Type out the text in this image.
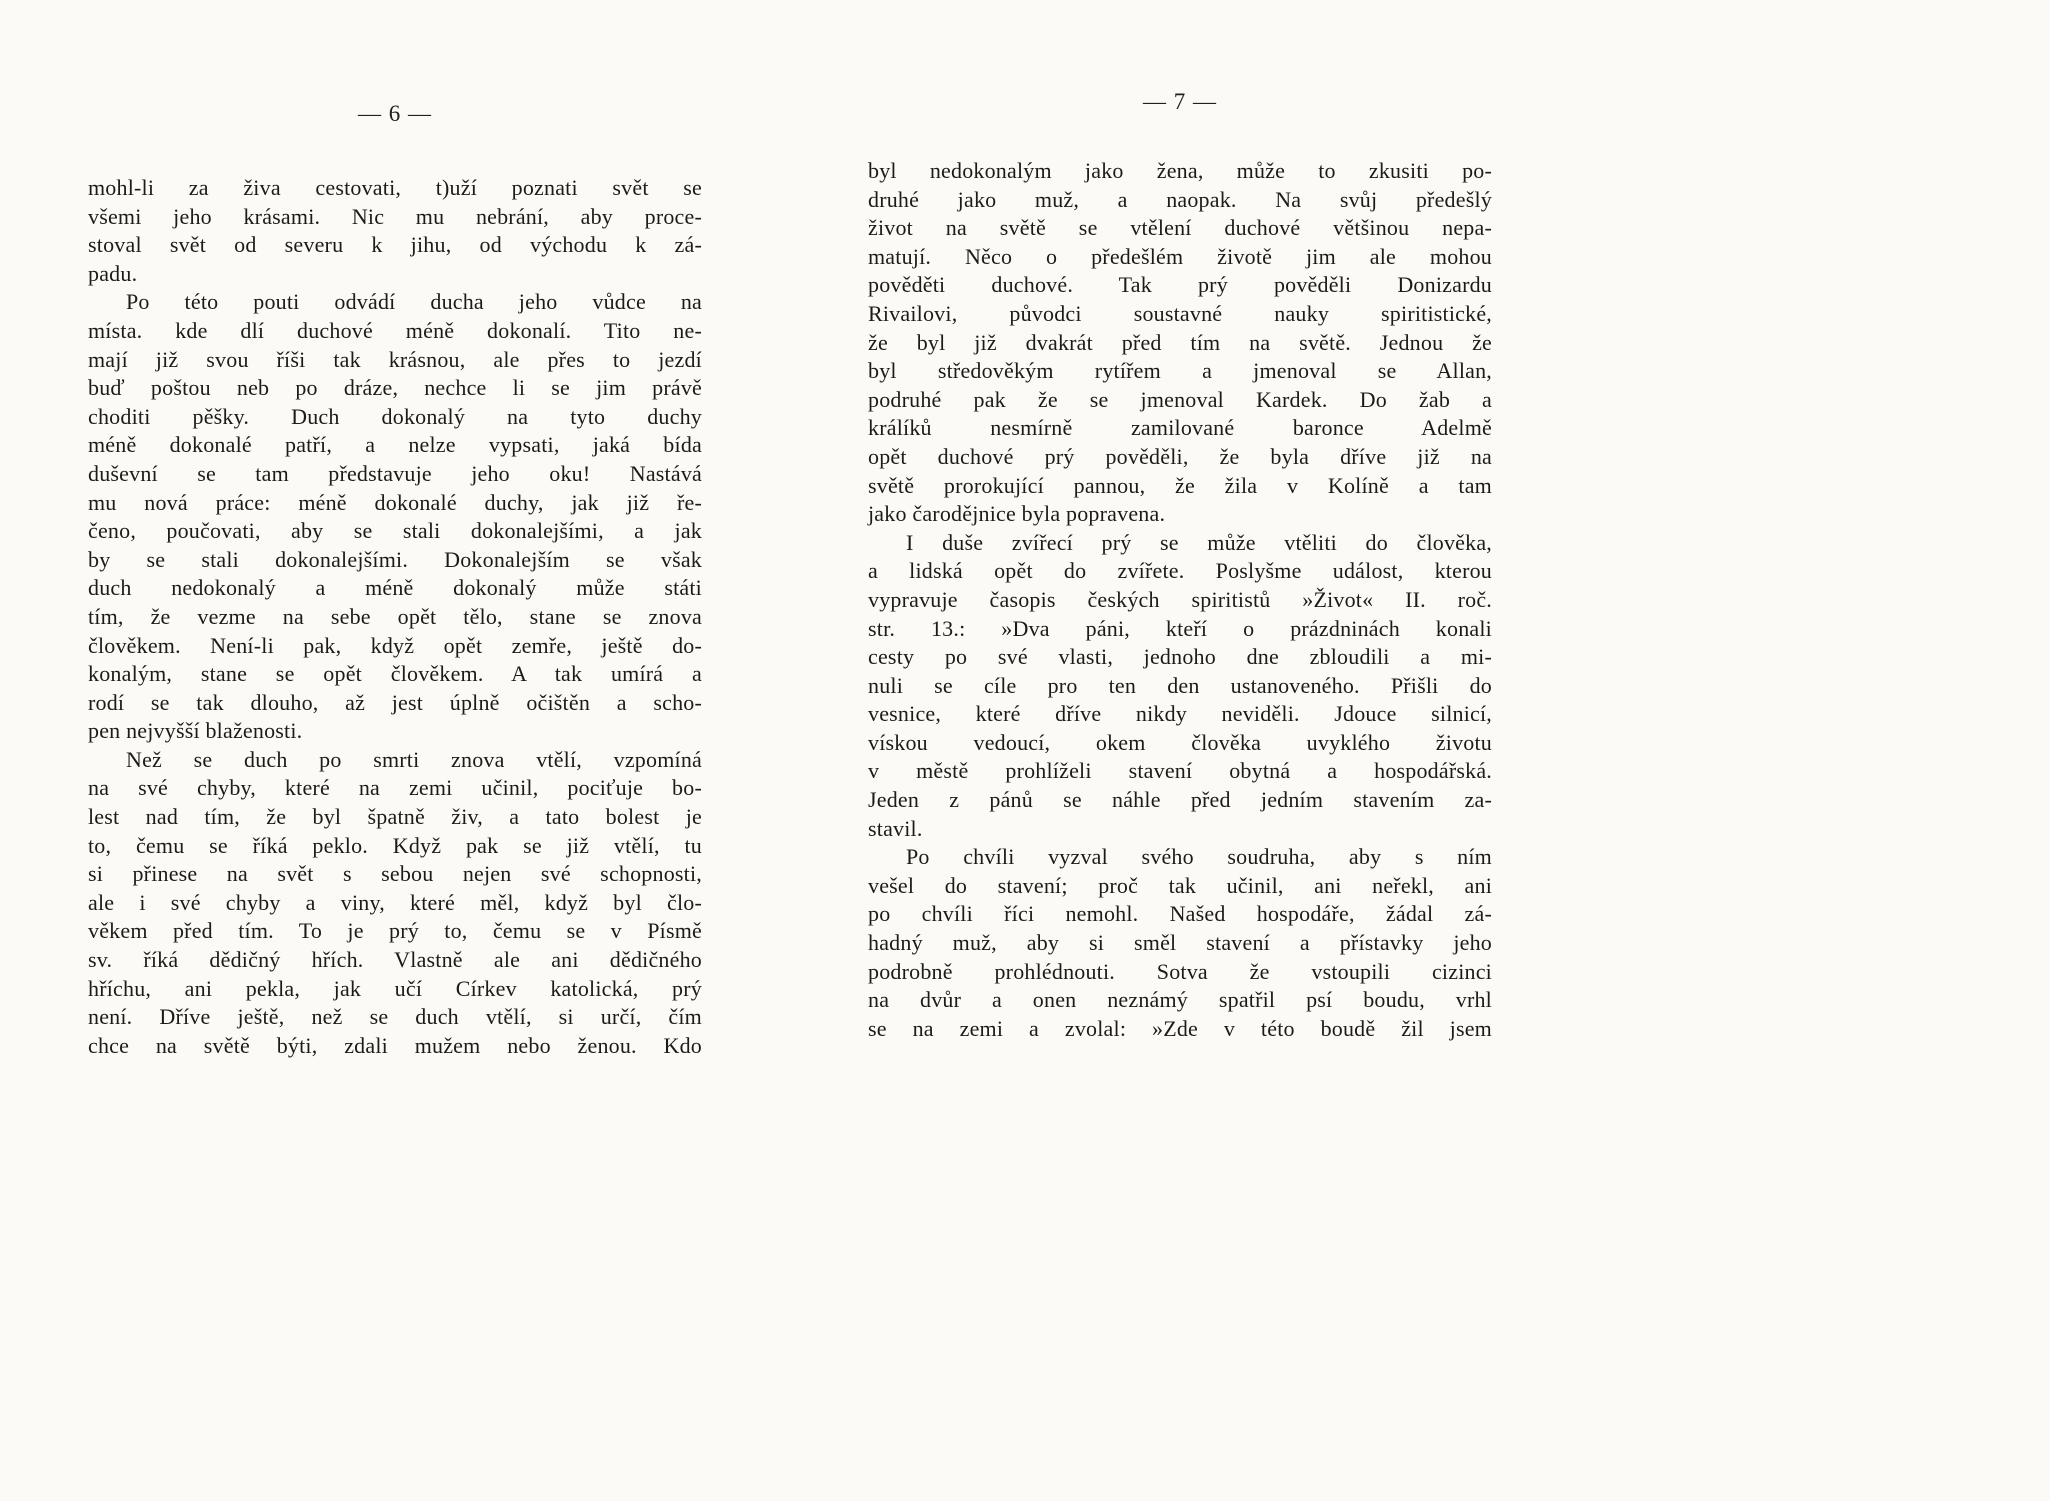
— 6 —
mohl-li za živa cestovati, t)uží poznati svět se
všemi jeho krásami. Nic mu nebrání, aby proce-
stoval svět od severu k jihu, od východu k zá-
padu.
Po této pouti odvádí ducha jeho vůdce na
místa. kde dlí duchové méně dokonalí. Tito ne-
mají již svou říši tak krásnou, ale přes to jezdí
buď poštou neb po dráze, nechce li se jim právě
choditi pěšky. Duch dokonalý na tyto duchy
méně dokonalé patří, a nelze vypsati, jaká bída
duševní se tam představuje jeho oku! Nastává
mu nová práce: méně dokonalé duchy, jak již ře-
čeno, poučovati, aby se stali dokonalejšími, a jak
by se stali dokonalejšími. Dokonalejším se však
duch nedokonalý a méně dokonalý může státi
tím, že vezme na sebe opět tělo, stane se znova
člověkem. Není-li pak, když opět zemře, ještě do-
konalým, stane se opět člověkem. A tak umírá a
rodí se tak dlouho, až jest úplně očištěn a scho-
pen nejvyšší blaženosti.
Než se duch po smrti znova vtělí, vzpomíná
na své chyby, které na zemi učinil, pociťuje bo-
lest nad tím, že byl špatně živ, a tato bolest je
to, čemu se říká peklo. Když pak se již vtělí, tu
si přinese na svět s sebou nejen své schopnosti,
ale i své chyby a viny, které měl, když byl člo-
věkem před tím. To je prý to, čemu se v Písmě
sv. říká dědičný hřích. Vlastně ale ani dědičného
hříchu, ani pekla, jak učí Církev katolická, prý
není. Dříve ještě, než se duch vtělí, si určí, čím
chce na světě býti, zdali mužem nebo ženou. Kdo
— 7 —
byl nedokonalým jako žena, může to zkusiti po-
druhé jako muž, a naopak. Na svůj předešlý
život na světě se vtělení duchové většinou nepa-
matují. Něco o předešlém životě jim ale mohou
pověděti duchové. Tak prý pověděli Donizardu
Rivailovi, původci soustavné nauky spiritistické,
že byl již dvakrát před tím na světě. Jednou že
byl středověkým rytířem a jmenoval se Allan,
podruhé pak že se jmenoval Kardek. Do žab a
králíků nesmírně zamilované baronce Adelmě
opět duchové prý pověděli, že byla dříve již na
světě prorokující pannou, že žila v Kolíně a tam
jako čarodějnice byla popravena.
I duše zvířecí prý se může vtěliti do člověka,
a lidská opět do zvířete. Poslyšme událost, kterou
vypravuje časopis českých spiritistů »Život« II. roč.
str. 13.: »Dva páni, kteří o prázdninách konali
cesty po své vlasti, jednoho dne zbloudili a mi-
nuli se cíle pro ten den ustanoveného. Přišli do
vesnice, které dříve nikdy neviděli. Jdouce silnicí,
vískou vedoucí, okem člověka uvyklého životu
v městě prohlíželi stavení obytná a hospodářská.
Jeden z pánů se náhle před jedním stavením za-
stavil.
Po chvíli vyzval svého soudruha, aby s ním
vešel do stavení; proč tak učinil, ani neřekl, ani
po chvíli říci nemohl. Našed hospodáře, žádal zá-
hadný muž, aby si směl stavení a přístavky jeho
podrobně prohlédnouti. Sotva že vstoupili cizinci
na dvůr a onen neznámý spatřil psí boudu, vrhl
se na zemi a zvolal: »Zde v této boudě žil jsem
